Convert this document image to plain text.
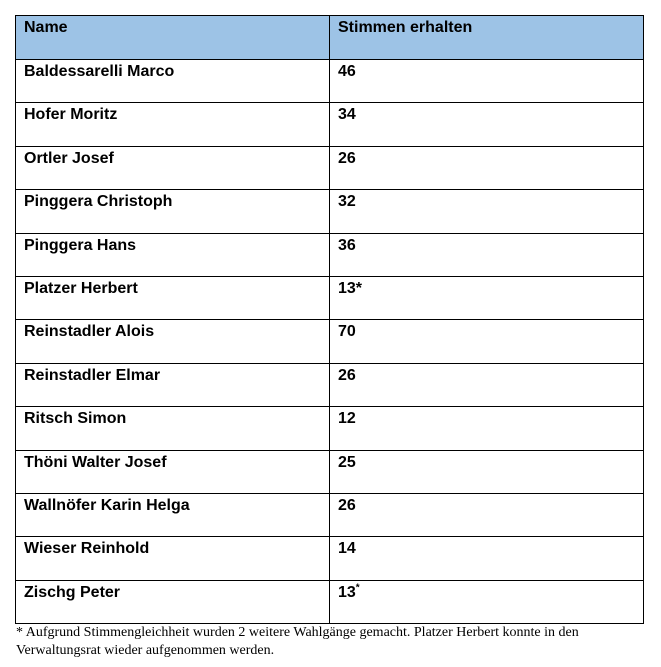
Name	Stimmen erhalten
Baldessarelli Marco	46
Hofer Moritz	34
Ortler Josef	26
Pinggera Christoph	32
Pinggera Hans	36
Platzer Herbert	13*
Reinstadler Alois	70
Reinstadler Elmar	26
Ritsch Simon	12
Thöni Walter Josef	25
Wallnöfer Karin Helga	26
Wieser Reinhold	14
Zischg Peter	13*

* Aufgrund Stimmengleichheit wurden 2 weitere Wahlgänge gemacht. Platzer Herbert konnte in den Verwaltungsrat wieder aufgenommen werden.
